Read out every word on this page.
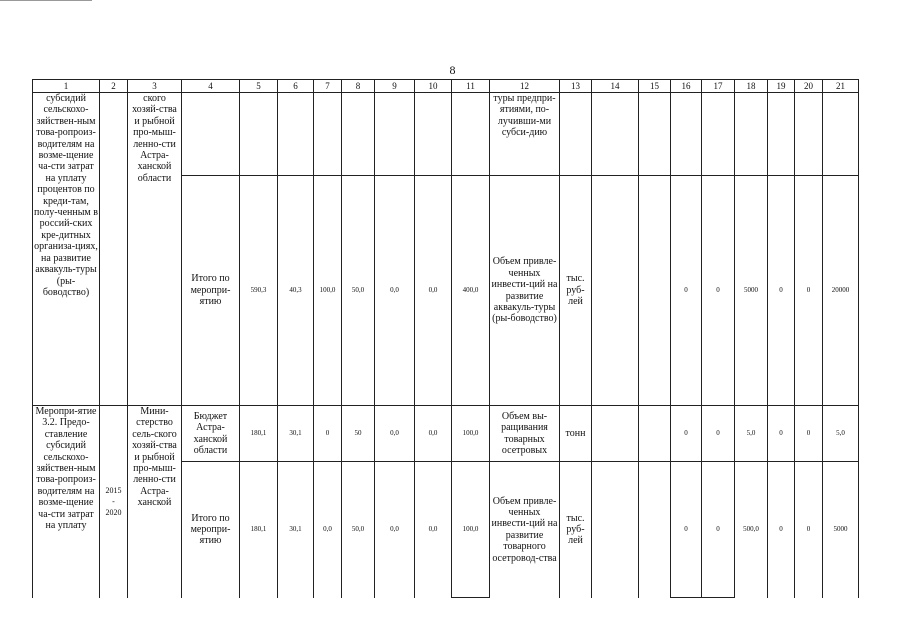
8
1	2	3	4	5	6	7	8	9	10	11	12	13	14	15	16	17	18	19	20	21

субсидий сельскохо-зяйствен-ным това-ропроиз-водителям на возме-щение ча-сти затрат на уплату процентов по креди-там, полу-ченным в россий-ских кре-дитных организа-циях, на развитие аквакуль-туры (ры-боводство)		ского хозяй-ства и рыбной про-мыш-ленно-сти Астра-ханской области									туры предпри-ятиями, по-лучивши-ми субси-дию									

			Итого по меропри-ятию	590,3	40,3	100,0	50,0	0,0	0,0	400,0	Объем привле-ченных инвести-ций на развитие аквакуль-туры (ры-боводство)	тыс. руб-лей			0	0	5000	0	0	20000

Меропри-ятие 3.2. Предо-ставление субсидий сельскохо-зяйствен-ным това-ропроиз-водителям на возме-щение ча-сти затрат на уплату	2015
-
2020	Мини-стерство сель-ского хозяй-ства и рыбной про-мыш-ленно-сти Астра-ханской	Бюджет Астра-ханской области	180,1	30,1	0	50	0,0	0,0	100,0	Объем вы-ращивания товарных осетровых	тонн			0	0	5,0	0	0	5,0
			Итого по меропри-ятию	180,1	30,1	0,0	50,0	0,0	0,0	100,0	Объем привле-ченных инвести-ций на развитие товарного осетровод-ства	тыс. руб-лей			0	0	500,0	0	0	5000
